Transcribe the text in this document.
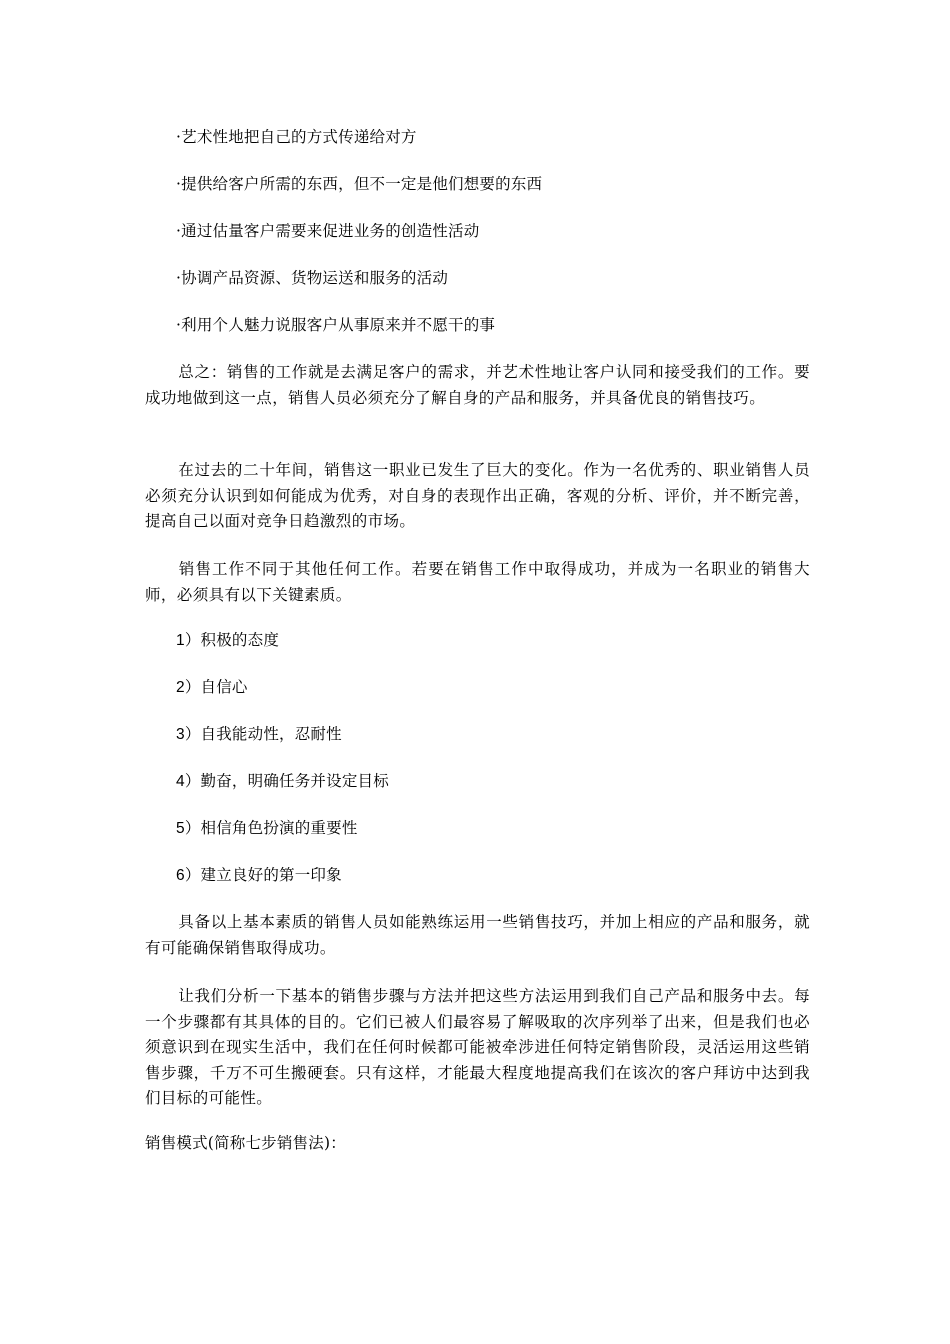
·艺术性地把自己的方式传递给对方
·提供给客户所需的东西，但不一定是他们想要的东西
·通过估量客户需要来促进业务的创造性活动
·协调产品资源、货物运送和服务的活动
·利用个人魅力说服客户从事原来并不愿干的事
总之：销售的工作就是去满足客户的需求，并艺术性地让客户认同和接受我们的工作。要成功地做到这一点，销售人员必须充分了解自身的产品和服务，并具备优良的销售技巧。
在过去的二十年间，销售这一职业已发生了巨大的变化。作为一名优秀的、职业销售人员必须充分认识到如何能成为优秀，对自身的表现作出正确，客观的分析、评价，并不断完善，提高自己以面对竞争日趋激烈的市场。
销售工作不同于其他任何工作。若要在销售工作中取得成功，并成为一名职业的销售大师，必须具有以下关键素质。
1）积极的态度
2）自信心
3）自我能动性，忍耐性
4）勤奋，明确任务并设定目标
5）相信角色扮演的重要性
6）建立良好的第一印象
具备以上基本素质的销售人员如能熟练运用一些销售技巧，并加上相应的产品和服务，就有可能确保销售取得成功。
让我们分析一下基本的销售步骤与方法并把这些方法运用到我们自己产品和服务中去。每一个步骤都有其具体的目的。它们已被人们最容易了解吸取的次序列举了出来，但是我们也必须意识到在现实生活中，我们在任何时候都可能被牵涉进任何特定销售阶段，灵活运用这些销售步骤，千万不可生搬硬套。只有这样，才能最大程度地提高我们在该次的客户拜访中达到我们目标的可能性。
销售模式(简称七步销售法)：
